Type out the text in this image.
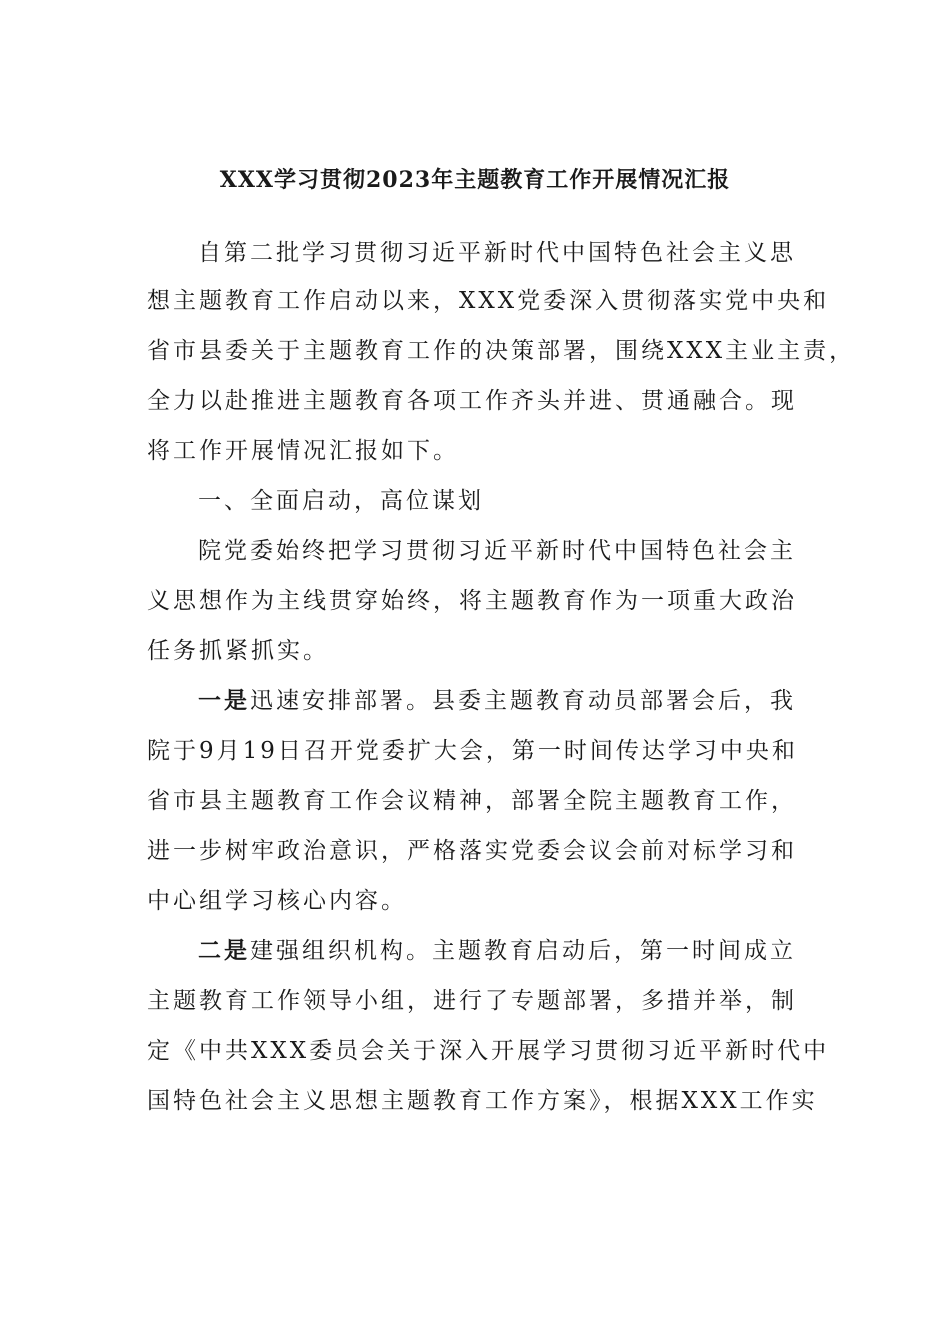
XXX学习贯彻2023年主题教育工作开展情况汇报
自第二批学习贯彻习近平新时代中国特色社会主义思
想主题教育工作启动以来，XXX党委深入贯彻落实党中央和
省市县委关于主题教育工作的决策部署，围绕XXX主业主责，
全力以赴推进主题教育各项工作齐头并进、贯通融合。现
将工作开展情况汇报如下。
一、全面启动，高位谋划
院党委始终把学习贯彻习近平新时代中国特色社会主
义思想作为主线贯穿始终，将主题教育作为一项重大政治
任务抓紧抓实。
一是迅速安排部署。县委主题教育动员部署会后，我
院于9月19日召开党委扩大会，第一时间传达学习中央和
省市县主题教育工作会议精神，部署全院主题教育工作，
进一步树牢政治意识，严格落实党委会议会前对标学习和
中心组学习核心内容。
二是建强组织机构。主题教育启动后，第一时间成立
主题教育工作领导小组，进行了专题部署，多措并举，制
定《中共XXX委员会关于深入开展学习贯彻习近平新时代中
国特色社会主义思想主题教育工作方案》，根据XXX工作实
